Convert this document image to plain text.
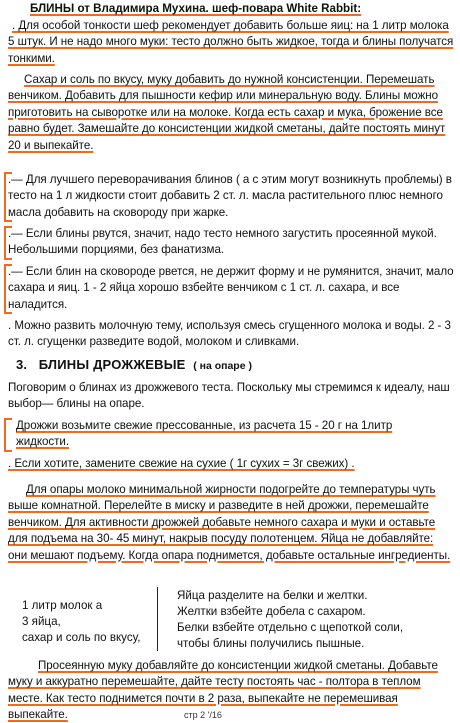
БЛИНЫ от Владимира Мухина. шеф-повара White Rabbit:
. Для особой тонкости шеф рекомендует добавить больше яиц: на 1 литр молока 5 штук. И не надо много муки: тесто должно быть жидкое, тогда и блины получатся тонкими.
Сахар и соль по вкусу, муку добавить до нужной консистенции. Перемешать венчиком. Добавить для пышности кефир или минеральную воду. Блины можно приготовить на сыворотке или на молоке. Когда есть сахар и мука, брожение все равно будет. Замешайте до консистенции жидкой сметаны, дайте постоять минут 20 и выпекайте.
.— Для лучшего переворачивания блинов ( а с этим могут возникнуть проблемы) в тесто на 1 л жидкости стоит добавить 2 ст. л. масла растительного плюс немного масла добавить на сковороду при жарке.
.— Если блины рвутся, значит, надо тесто немного загустить просеянной мукой. Небольшими порциями, без фанатизма.
.— Если блин на сковороде рвется, не держит форму и не румянится, значит, мало сахара и яиц. 1 - 2 яйца хорошо взбейте венчиком с 1 ст. л. сахара, и все наладится.
. Можно развить молочную тему, используя смесь сгущенного молока и воды. 2 - 3 ст. л. сгущенки разведите водой, молоком и сливками.
3. БЛИНЫ ДРОЖЖЕВЫЕ ( на опаре )
Поговорим о блинах из дрожжевого теста. Поскольку мы стремимся к идеалу, наш выбор— блины на опаре.
Дрожжи возьмите свежие прессованные, из расчета 15 - 20 г на 1литр жидкости.
. Если хотите, замените свежие на сухие ( 1г сухих = 3г свежих) .
Для опары молоко минимальной жирности подогрейте до температуры чуть выше комнатной. Перелейте в миску и разведите в ней дрожжи, перемешайте венчиком. Для активности дрожжей добавьте немного сахара и муки и оставьте для подъема на 30- 45 минут, накрыв посуду полотенцем. Яйца не добавляйте: они мешают подъему. Когда опара поднимется, добавьте остальные ингредиенты.
1 литр молок а
3 яйца,
сахар и соль по вкусу,
Яйца разделите на белки и желтки.
Желтки взбейте добела с сахаром.
Белки взбейте отдельно с щепоткой соли,
чтобы блины получились пышные.
Просеянную муку добавляйте до консистенции жидкой сметаны. Добавьте муку и аккуратно перемешайте, дайте тесту постоять час - полтора в теплом месте. Как тесто поднимется почти в 2 раза, выпекайте не перемешивая выпекайте.	стр 2 '/16
